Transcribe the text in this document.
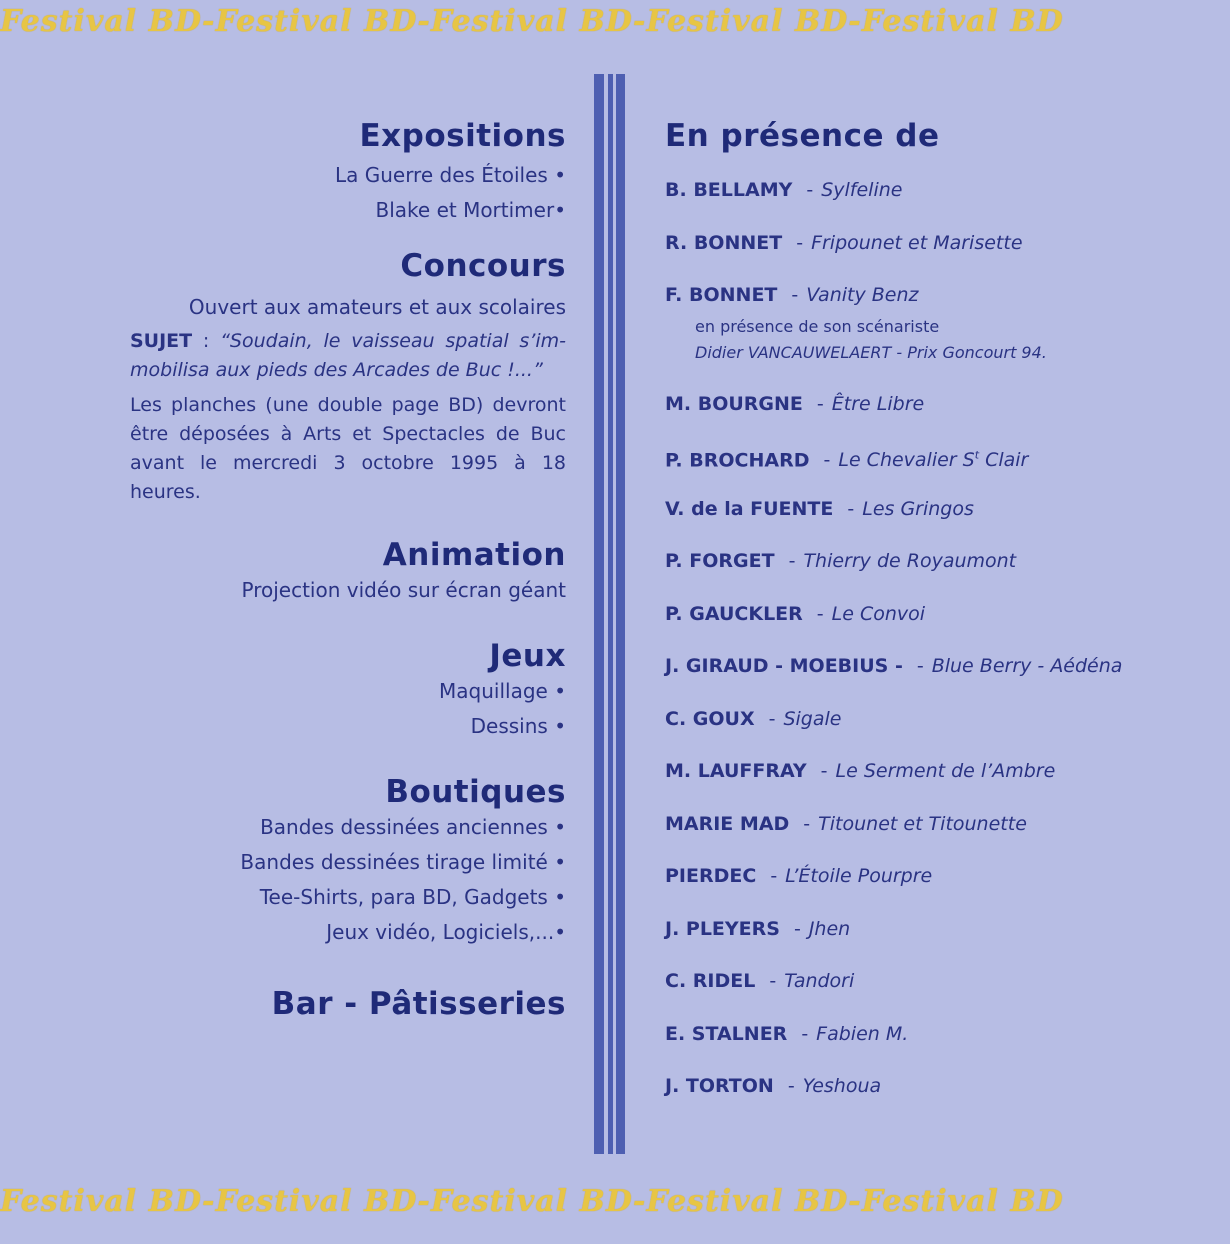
Festival BD-Festival BD-Festival BD-Festival BD-Festival BD
Expositions
La Guerre des Étoiles •
Blake et Mortimer•
Concours
Ouvert aux amateurs et aux scolaires
SUJET : “Soudain, le vaisseau spatial s’im-mobilisa aux pieds des Arcades de Buc !...”
Les planches (une double page BD) devront être déposées à Arts et Spectacles de Buc avant le mercredi 3 octobre 1995 à 18 heures.
Animation
Projection vidéo sur écran géant
Jeux
Maquillage •
Dessins •
Boutiques
Bandes dessinées anciennes •
Bandes dessinées tirage limité •
Tee-Shirts, para BD, Gadgets •
Jeux vidéo, Logiciels,...•
Bar - Pâtisseries
En présence de
B. BELLAMY - Sylfeline
R. BONNET - Fripounet et Marisette
F. BONNET - Vanity Benz
en présence de son scénariste
Didier VANCAUWELAERT - Prix Goncourt 94.
M. BOURGNE - Être Libre
P. BROCHARD - Le Chevalier $S^t$ Clair
V. de la FUENTE - Les Gringos
P. FORGET - Thierry de Royaumont
P. GAUCKLER - Le Convoi
J. GIRAUD - MOEBIUS - - Blue Berry - Aédéna
C. GOUX - Sigale
M. LAUFFRAY - Le Serment de l’Ambre
MARIE MAD - Titounet et Titounette
PIERDEC - L’Étoile Pourpre
J. PLEYERS - Jhen
C. RIDEL - Tandori
E. STALNER - Fabien M.
J. TORTON - Yeshoua
Festival BD-Festival BD-Festival BD-Festival BD-Festival BD
